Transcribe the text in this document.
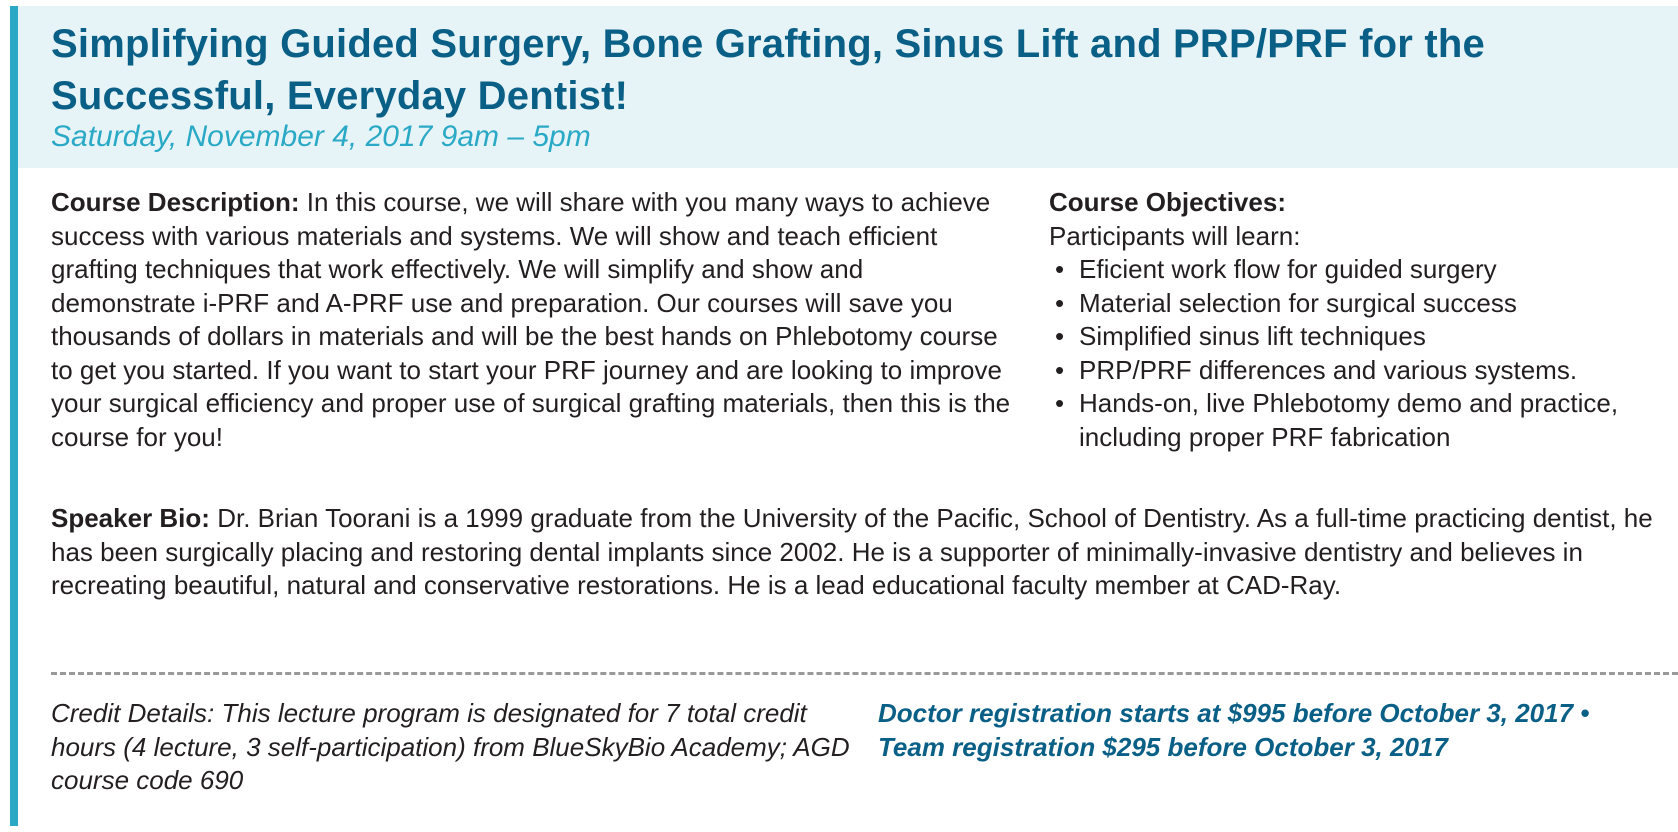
Simplifying Guided Surgery, Bone Grafting, Sinus Lift and PRP/PRF for the Successful, Everyday Dentist!

Saturday, November 4, 2017 9am – 5pm

Course Description: In this course, we will share with you many ways to achieve success with various materials and systems. We will show and teach efficient grafting techniques that work effectively. We will simplify and show and demonstrate i-PRF and A-PRF use and preparation. Our courses will save you thousands of dollars in materials and will be the best hands on Phlebotomy course to get you started. If you want to start your PRF journey and are looking to improve your surgical efficiency and proper use of surgical grafting materials, then this is the course for you!

Course Objectives:

Participants will learn:

• Eficient work flow for guided surgery
• Material selection for surgical success
• Simplified sinus lift techniques
• PRP/PRF differences and various systems.
• Hands-on, live Phlebotomy demo and practice, including proper PRF fabrication

Speaker Bio: Dr. Brian Toorani is a 1999 graduate from the University of the Pacific, School of Dentistry. As a full-time practicing dentist, he has been surgically placing and restoring dental implants since 2002. He is a supporter of minimally-invasive dentistry and believes in recreating beautiful, natural and conservative restorations. He is a lead educational faculty member at CAD-Ray.

Credit Details: This lecture program is designated for 7 total credit hours (4 lecture, 3 self-participation) from BlueSkyBio Academy; AGD course code 690

Doctor registration starts at $995 before October 3, 2017 • Team registration $295 before October 3, 2017
